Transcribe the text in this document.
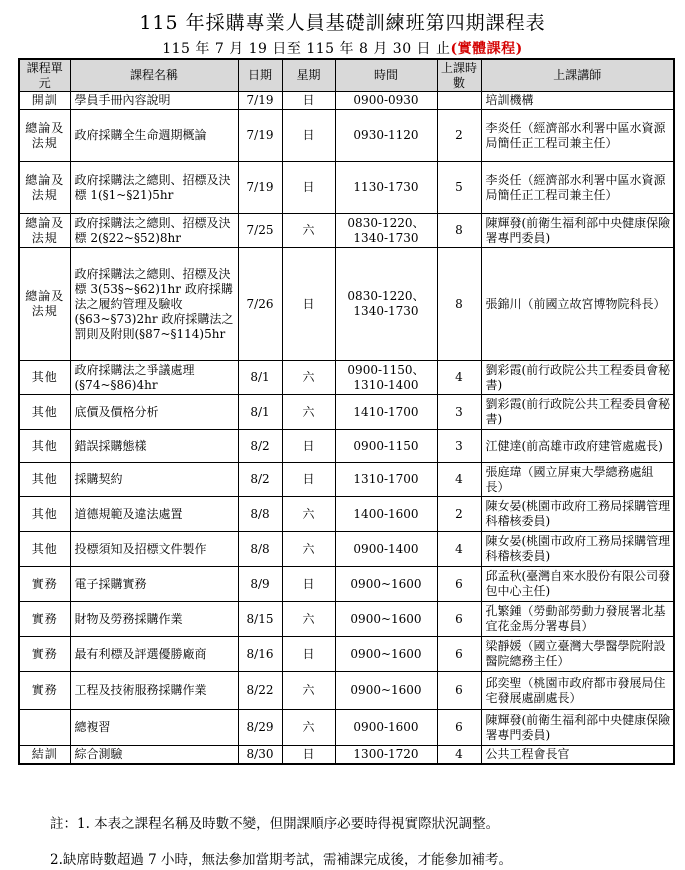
115 年採購專業人員基礎訓練班第四期課程表
115 年 7 月 19 日至 115 年 8 月 30 日 止(實體課程)
課程單元	課程名稱	日期	星期	時間	上課時數	上課講師
開訓	學員手冊內容說明	7/19	日	0900-0930		培訓機構
總論及法規	政府採購全生命週期概論	7/19	日	0930-1120	2	李炎任（經濟部水利署中區水資源局簡任正工程司兼主任）
總論及法規	政府採購法之總則、招標及決標 1(§1~§21)5hr	7/19	日	1130-1730	5	李炎任（經濟部水利署中區水資源局簡任正工程司兼主任）
總論及法規	政府採購法之總則、招標及決標 2(§22~§52)8hr	7/25	六	0830-1220、1340-1730	8	陳輝發(前衛生福利部中央健康保險署專門委員)
總論及法規	政府採購法之總則、招標及決標 3(53§~§62)1hr 政府採購法之履約管理及驗收(§63~§73)2hr 政府採購法之罰則及附則(§87~§114)5hr	7/26	日	0830-1220、1340-1730	8	張錦川（前國立故宮博物院科長）
其他	政府採購法之爭議處理(§74~§86)4hr	8/1	六	0900-1150、1310-1400	4	劉彩霞(前行政院公共工程委員會秘書)
其他	底價及價格分析	8/1	六	1410-1700	3	劉彩霞(前行政院公共工程委員會秘書)
其他	錯誤採購態樣	8/2	日	0900-1150	3	江健達(前高雄市政府建管處處長)
其他	採購契約	8/2	日	1310-1700	4	張庭瑋（國立屏東大學總務處組長）
其他	道德規範及違法處置	8/8	六	1400-1600	2	陳女晏(桃園市政府工務局採購管理科稽核委員)
其他	投標須知及招標文件製作	8/8	六	0900-1400	4	陳女晏(桃園市政府工務局採購管理科稽核委員)
實務	電子採購實務	8/9	日	0900~1600	6	邱孟秋(臺灣自來水股份有限公司發包中心主任)
實務	財物及勞務採購作業	8/15	六	0900~1600	6	孔繁鍾（勞動部勞動力發展署北基宜花金馬分署專員）
實務	最有利標及評選優勝廠商	8/16	日	0900~1600	6	梁靜媛（國立臺灣大學醫學院附設醫院總務主任）
實務	工程及技術服務採購作業	8/22	六	0900~1600	6	邱奕聖（桃園市政府都市發展局住宅發展處副處長）
	總複習	8/29	六	0900-1600	6	陳輝發(前衛生福利部中央健康保險署專門委員)
結訓	綜合測驗	8/30	日	1300-1720	4	公共工程會長官
註：1. 本表之課程名稱及時數不變，但開課順序必要時得視實際狀況調整。
2.缺席時數超過 7 小時，無法參加當期考試，需補課完成後，才能參加補考。
